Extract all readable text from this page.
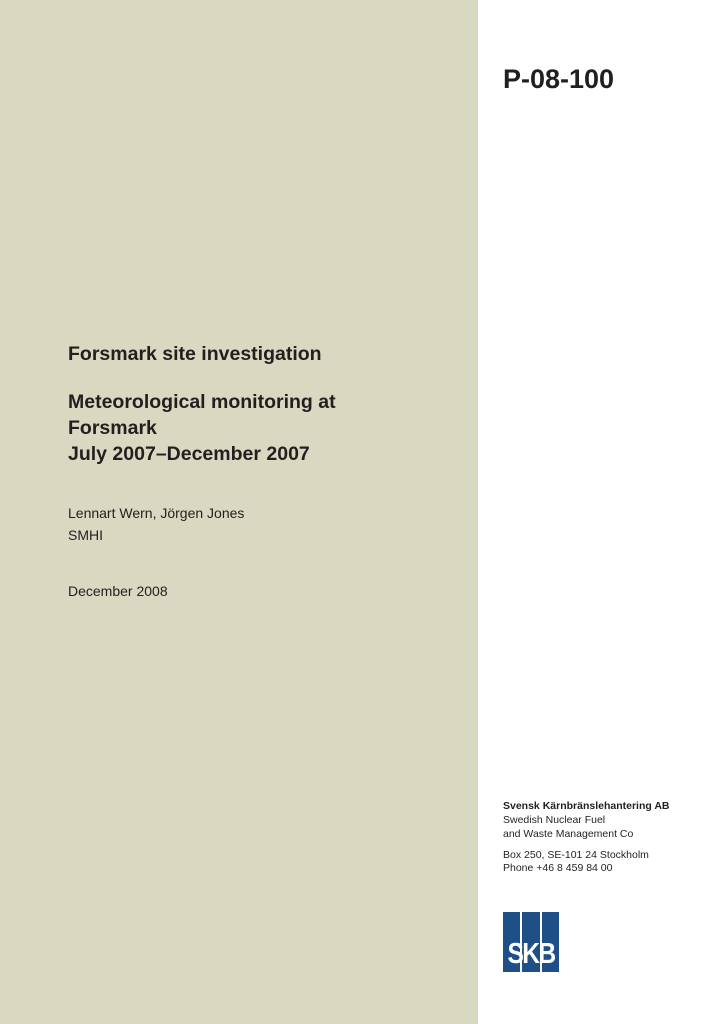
P-08-100

Forsmark site investigation

Meteorological monitoring at

Forsmark

July 2007–December 2007

Lennart Wern, Jörgen Jones

SMHI

December 2008

Svensk Kärnbränslehantering AB

Swedish Nuclear Fuel

and Waste Management Co

Box 250, SE-101 24 Stockholm

Phone +46 8 459 84 00

SKB
